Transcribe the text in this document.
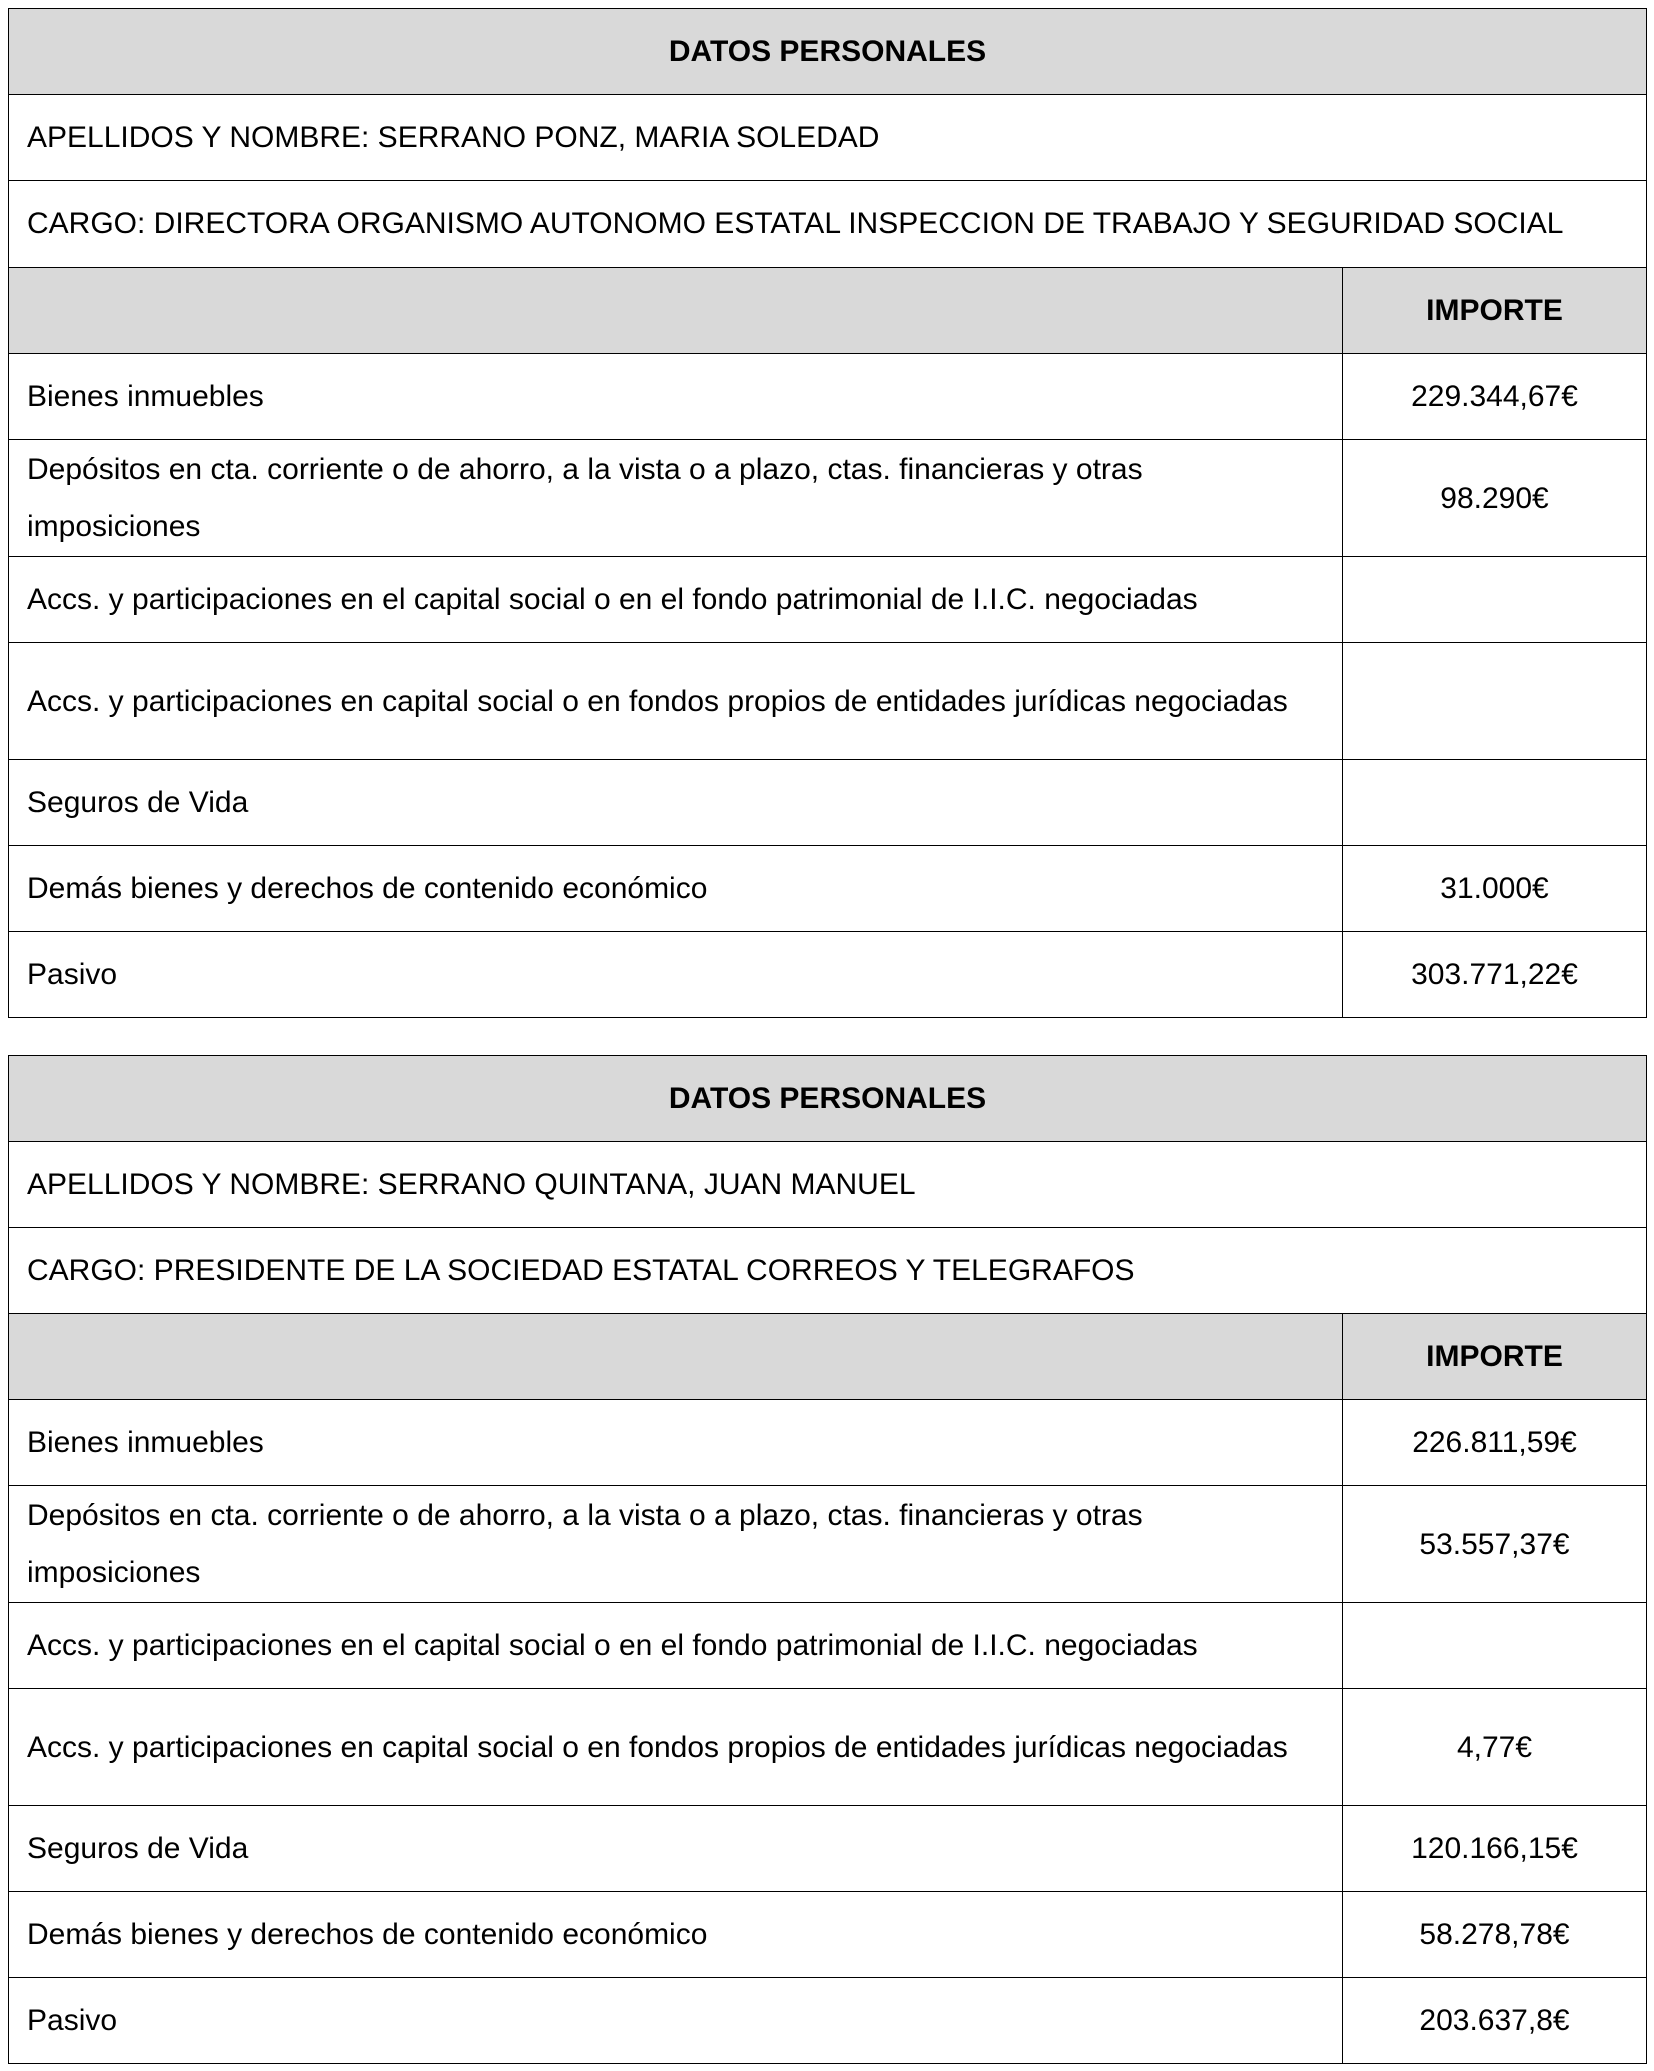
DATOS PERSONALES	
APELLIDOS Y NOMBRE: SERRANO PONZ, MARIA SOLEDAD	
CARGO: DIRECTORA ORGANISMO AUTONOMO ESTATAL INSPECCION DE TRABAJO Y SEGURIDAD SOCIAL	
	IMPORTE
Bienes inmuebles	229.344,67€
Depósitos en cta. corriente o de ahorro, a la vista o a plazo, ctas. financieras y otras imposiciones	98.290€
Accs. y participaciones en el capital social o en el fondo patrimonial de I.I.C. negociadas	
Accs. y participaciones en capital social o en fondos propios de entidades jurídicas negociadas	
Seguros de Vida	
Demás bienes y derechos de contenido económico	31.000€
Pasivo	303.771,22€
DATOS PERSONALES	
APELLIDOS Y NOMBRE: SERRANO QUINTANA, JUAN MANUEL	
CARGO: PRESIDENTE DE LA SOCIEDAD ESTATAL CORREOS Y TELEGRAFOS	
	IMPORTE
Bienes inmuebles	226.811,59€
Depósitos en cta. corriente o de ahorro, a la vista o a plazo, ctas. financieras y otras imposiciones	53.557,37€
Accs. y participaciones en el capital social o en el fondo patrimonial de I.I.C. negociadas	
Accs. y participaciones en capital social o en fondos propios de entidades jurídicas negociadas	4,77€
Seguros de Vida	120.166,15€
Demás bienes y derechos de contenido económico	58.278,78€
Pasivo	203.637,8€
